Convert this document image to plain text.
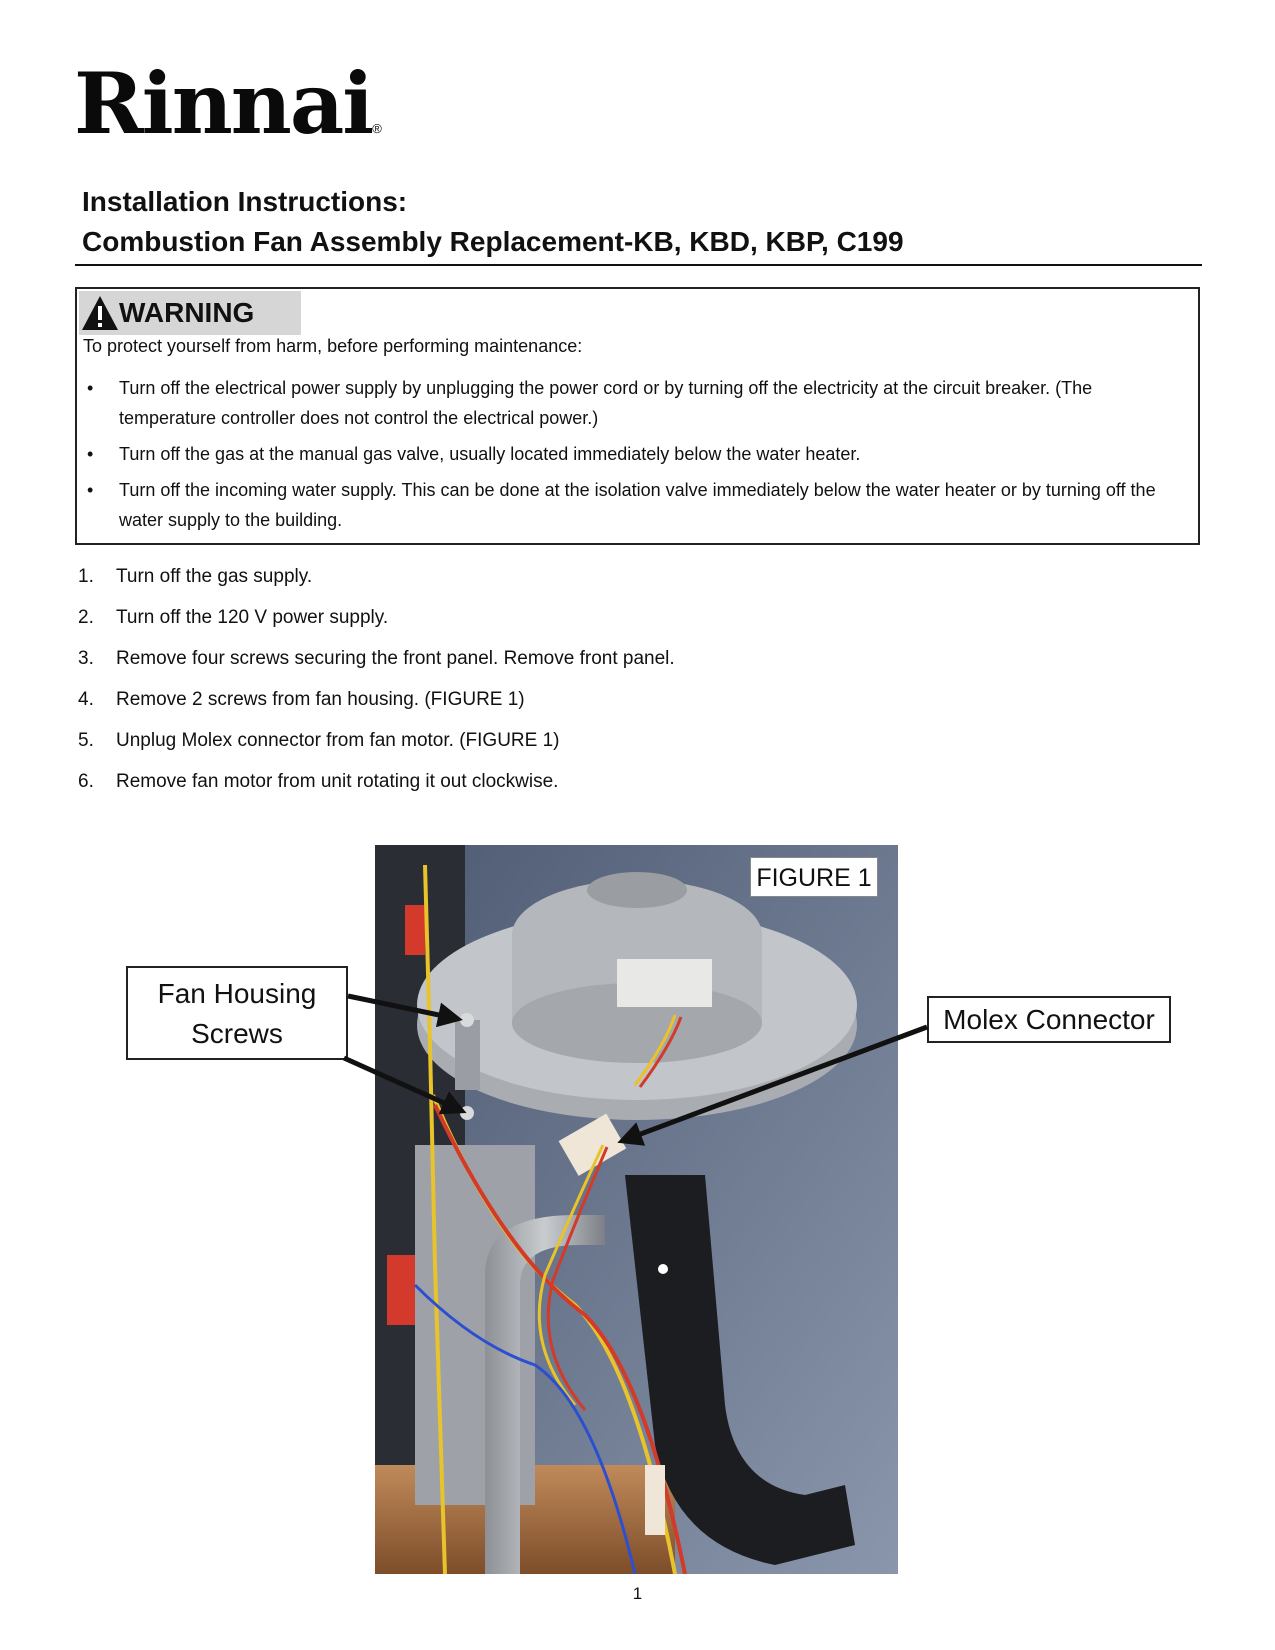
Rinnai®
Installation Instructions:
Combustion Fan Assembly Replacement-KB, KBD, KBP, C199
WARNING
To protect yourself from harm, before performing maintenance:
• Turn off the electrical power supply by unplugging the power cord or by turning off the electricity at the circuit breaker. (The temperature controller does not control the electrical power.)
• Turn off the gas at the manual gas valve, usually located immediately below the water heater.
• Turn off the incoming water supply. This can be done at the isolation valve immediately below the water heater or by turning off the water supply to the building.
1. Turn off the gas supply.
2. Turn off the 120 V power supply.
3. Remove four screws securing the front panel. Remove front panel.
4. Remove 2 screws from fan housing. (FIGURE 1)
5. Unplug Molex connector from fan motor. (FIGURE 1)
6. Remove fan motor from unit rotating it out clockwise.
FIGURE 1
Fan Housing
Screws	Molex Connector
1
